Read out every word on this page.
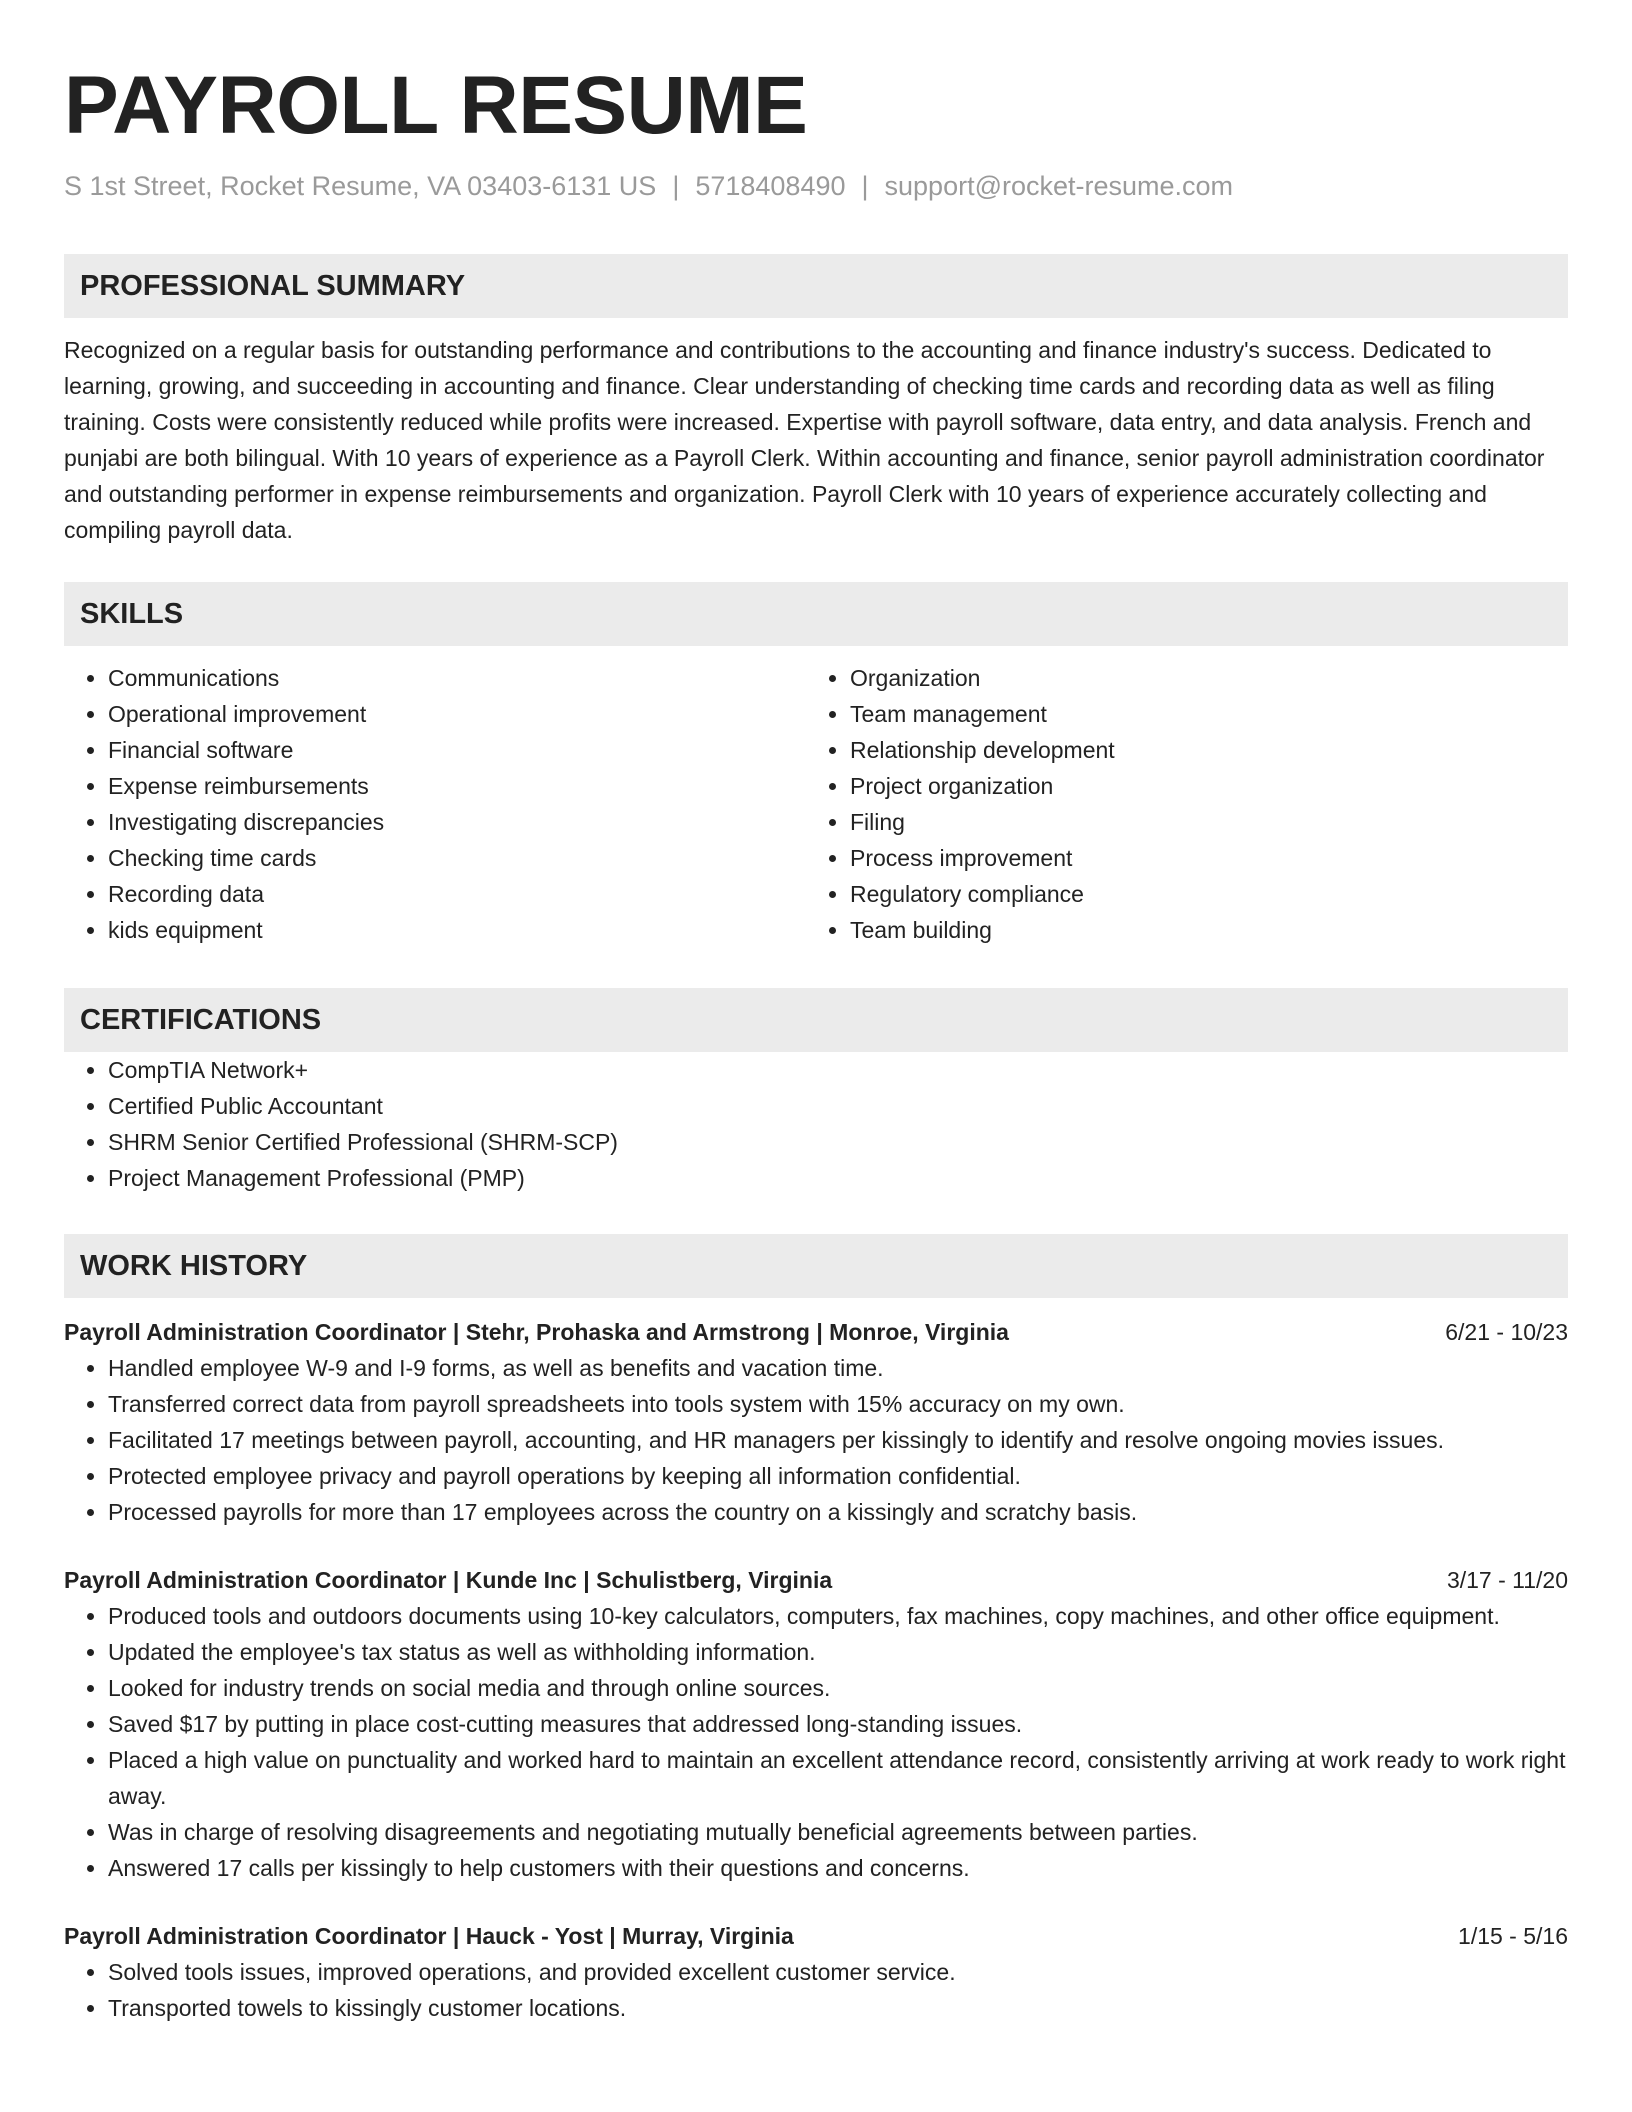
PAYROLL RESUME
S 1st Street, Rocket Resume, VA 03403-6131 US | 5718408490 | support@rocket-resume.com
PROFESSIONAL SUMMARY
Recognized on a regular basis for outstanding performance and contributions to the accounting and finance industry's success. Dedicated to learning, growing, and succeeding in accounting and finance. Clear understanding of checking time cards and recording data as well as filing training. Costs were consistently reduced while profits were increased. Expertise with payroll software, data entry, and data analysis. French and punjabi are both bilingual. With 10 years of experience as a Payroll Clerk. Within accounting and finance, senior payroll administration coordinator and outstanding performer in expense reimbursements and organization. Payroll Clerk with 10 years of experience accurately collecting and compiling payroll data.
SKILLS
• Communications
• Operational improvement
• Financial software
• Expense reimbursements
• Investigating discrepancies
• Checking time cards
• Recording data
• kids equipment
• Organization
• Team management
• Relationship development
• Project organization
• Filing
• Process improvement
• Regulatory compliance
• Team building
CERTIFICATIONS
• CompTIA Network+
• Certified Public Accountant
• SHRM Senior Certified Professional (SHRM-SCP)
• Project Management Professional (PMP)
WORK HISTORY
Payroll Administration Coordinator | Stehr, Prohaska and Armstrong | Monroe, Virginia	6/21 - 10/23
• Handled employee W-9 and I-9 forms, as well as benefits and vacation time.
• Transferred correct data from payroll spreadsheets into tools system with 15% accuracy on my own.
• Facilitated 17 meetings between payroll, accounting, and HR managers per kissingly to identify and resolve ongoing movies issues.
• Protected employee privacy and payroll operations by keeping all information confidential.
• Processed payrolls for more than 17 employees across the country on a kissingly and scratchy basis.
Payroll Administration Coordinator | Kunde Inc | Schulistberg, Virginia	3/17 - 11/20
• Produced tools and outdoors documents using 10-key calculators, computers, fax machines, copy machines, and other office equipment.
• Updated the employee's tax status as well as withholding information.
• Looked for industry trends on social media and through online sources.
• Saved $17 by putting in place cost-cutting measures that addressed long-standing issues.
• Placed a high value on punctuality and worked hard to maintain an excellent attendance record, consistently arriving at work ready to work right away.
• Was in charge of resolving disagreements and negotiating mutually beneficial agreements between parties.
• Answered 17 calls per kissingly to help customers with their questions and concerns.
Payroll Administration Coordinator | Hauck - Yost | Murray, Virginia	1/15 - 5/16
• Solved tools issues, improved operations, and provided excellent customer service.
• Transported towels to kissingly customer locations.
